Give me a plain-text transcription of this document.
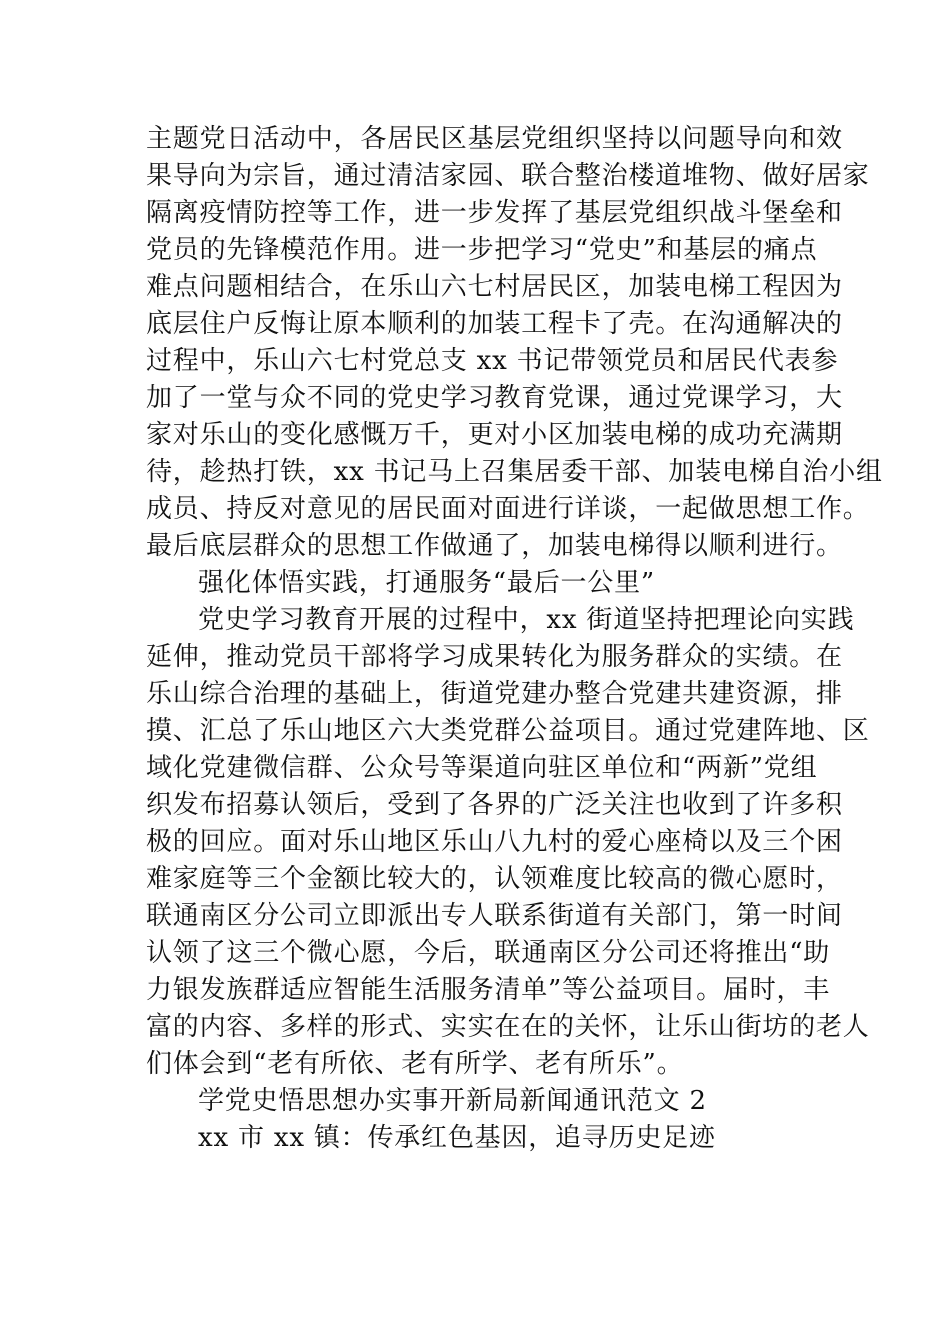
主题党日活动中，各居民区基层党组织坚持以问题导向和效
果导向为宗旨，通过清洁家园、联合整治楼道堆物、做好居家
隔离疫情防控等工作，进一步发挥了基层党组织战斗堡垒和
党员的先锋模范作用。进一步把学习“党史”和基层的痛点
难点问题相结合，在乐山六七村居民区，加装电梯工程因为
底层住户反悔让原本顺利的加装工程卡了壳。在沟通解决的
过程中，乐山六七村党总支 xx 书记带领党员和居民代表参
加了一堂与众不同的党史学习教育党课，通过党课学习，大
家对乐山的变化感慨万千，更对小区加装电梯的成功充满期
待，趁热打铁，xx 书记马上召集居委干部、加装电梯自治小组
成员、持反对意见的居民面对面进行详谈，一起做思想工作。
最后底层群众的思想工作做通了，加装电梯得以顺利进行。
强化体悟实践，打通服务“最后一公里”
党史学习教育开展的过程中，xx 街道坚持把理论向实践
延伸，推动党员干部将学习成果转化为服务群众的实绩。在
乐山综合治理的基础上，街道党建办整合党建共建资源，排
摸、汇总了乐山地区六大类党群公益项目。通过党建阵地、区
域化党建微信群、公众号等渠道向驻区单位和“两新”党组
织发布招募认领后，受到了各界的广泛关注也收到了许多积
极的回应。面对乐山地区乐山八九村的爱心座椅以及三个困
难家庭等三个金额比较大的，认领难度比较高的微心愿时，
联通南区分公司立即派出专人联系街道有关部门，第一时间
认领了这三个微心愿，今后，联通南区分公司还将推出“助
力银发族群适应智能生活服务清单”等公益项目。届时，丰
富的内容、多样的形式、实实在在的关怀，让乐山街坊的老人
们体会到“老有所依、老有所学、老有所乐”。
学党史悟思想办实事开新局新闻通讯范文 2
xx 市 xx 镇：传承红色基因，追寻历史足迹
